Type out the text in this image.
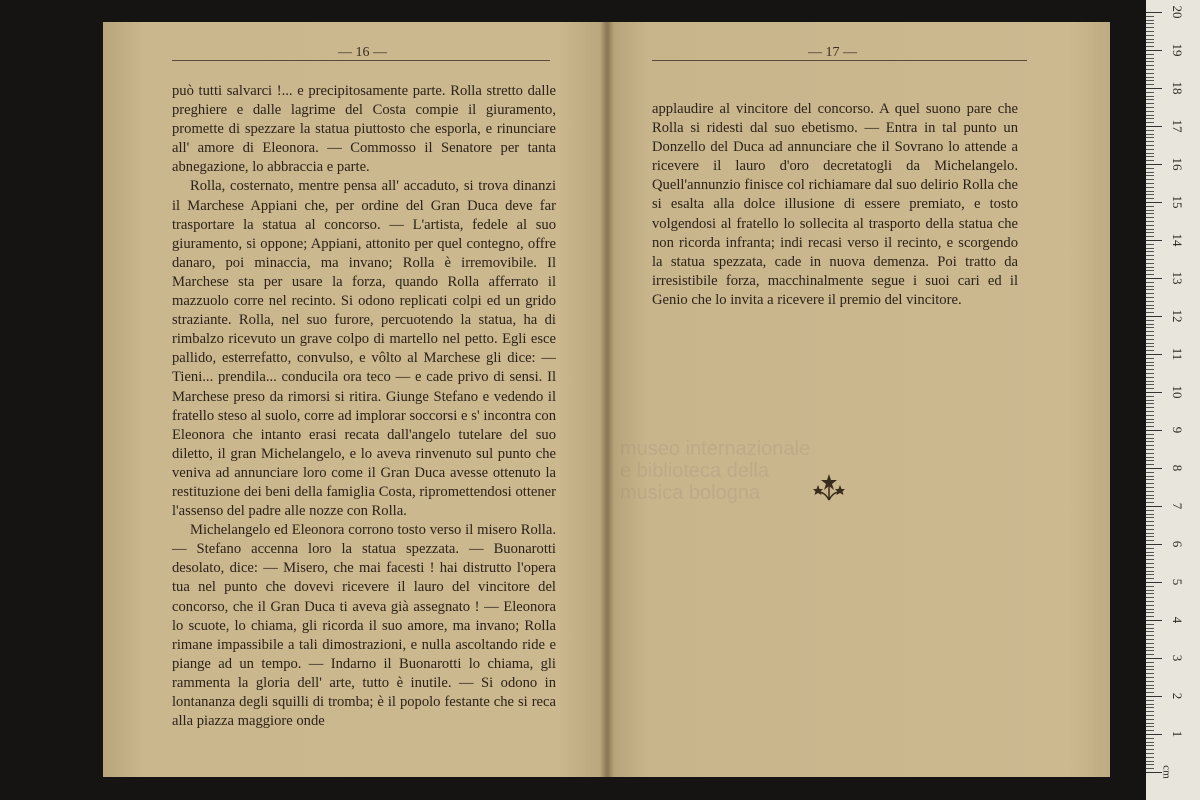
— 16 —	— 17 —

può tutti salvarci !... e precipitosamente parte. Rolla stretto dalle preghiere e dalle lagrime del Costa compie il giuramento, promette di spezzare la statua piuttosto che esporla, e rinunciare all' amore di Eleonora. — Commosso il Senatore per tanta abnegazione, lo abbraccia e parte.

Rolla, costernato, mentre pensa all' accaduto, si trova dinanzi il Marchese Appiani che, per ordine del Gran Duca deve far trasportare la statua al concorso. — L'artista, fedele al suo giuramento, si oppone; Appiani, attonito per quel contegno, offre danaro, poi minaccia, ma invano; Rolla è irremovibile. Il Marchese sta per usare la forza, quando Rolla afferrato il mazzuolo corre nel recinto. Si odono replicati colpi ed un grido straziante. Rolla, nel suo furore, percuotendo la statua, ha di rimbalzo ricevuto un grave colpo di martello nel petto. Egli esce pallido, esterrefatto, convulso, e vôlto al Marchese gli dice: — Tieni... prendila... conducila ora teco — e cade privo di sensi. Il Marchese preso da rimorsi si ritira. Giunge Stefano e vedendo il fratello steso al suolo, corre ad implorar soccorsi e s' incontra con Eleonora che intanto erasi recata dall'angelo tutelare del suo diletto, il gran Michelangelo, e lo aveva rinvenuto sul punto che veniva ad annunciare loro come il Gran Duca avesse ottenuto la restituzione dei beni della famiglia Costa, ripromettendosi ottener l'assenso del padre alle nozze con Rolla.

Michelangelo ed Eleonora corrono tosto verso il misero Rolla. — Stefano accenna loro la statua spezzata. — Buonarotti desolato, dice: — Misero, che mai facesti ! hai distrutto l'opera tua nel punto che dovevi ricevere il lauro del vincitore del concorso, che il Gran Duca ti aveva già assegnato ! — Eleonora lo scuote, lo chiama, gli ricorda il suo amore, ma invano; Rolla rimane impassibile a tali dimostrazioni, e nulla ascoltando ride e piange ad un tempo. — Indarno il Buonarotti lo chiama, gli rammenta la gloria dell' arte, tutto è inutile. — Si odono in lontananza degli squilli di tromba; è il popolo festante che si reca alla piazza maggiore onde

applaudire al vincitore del concorso. A quel suono pare che Rolla si ridesti dal suo ebetismo. — Entra in tal punto un Donzello del Duca ad annunciare che il Sovrano lo attende a ricevere il lauro d'oro decretatogli da Michelangelo. Quell'annunzio finisce col richiamare dal suo delirio Rolla che si esalta alla dolce illusione di essere premiato, e tosto volgendosi al fratello lo sollecita al trasporto della statua che non ricorda infranta; indi recasi verso il recinto, e scorgendo la statua spezzata, cade in nuova demenza. Poi tratto da irresistibile forza, macchinalmente segue i suoi cari ed il Genio che lo invita a ricevere il premio del vincitore.

museo internazionale e biblioteca della musica bologna
cm
1
2
3
4
5
6
7
8
9
10
11
12
13
14
15
16
17
18
19
20
